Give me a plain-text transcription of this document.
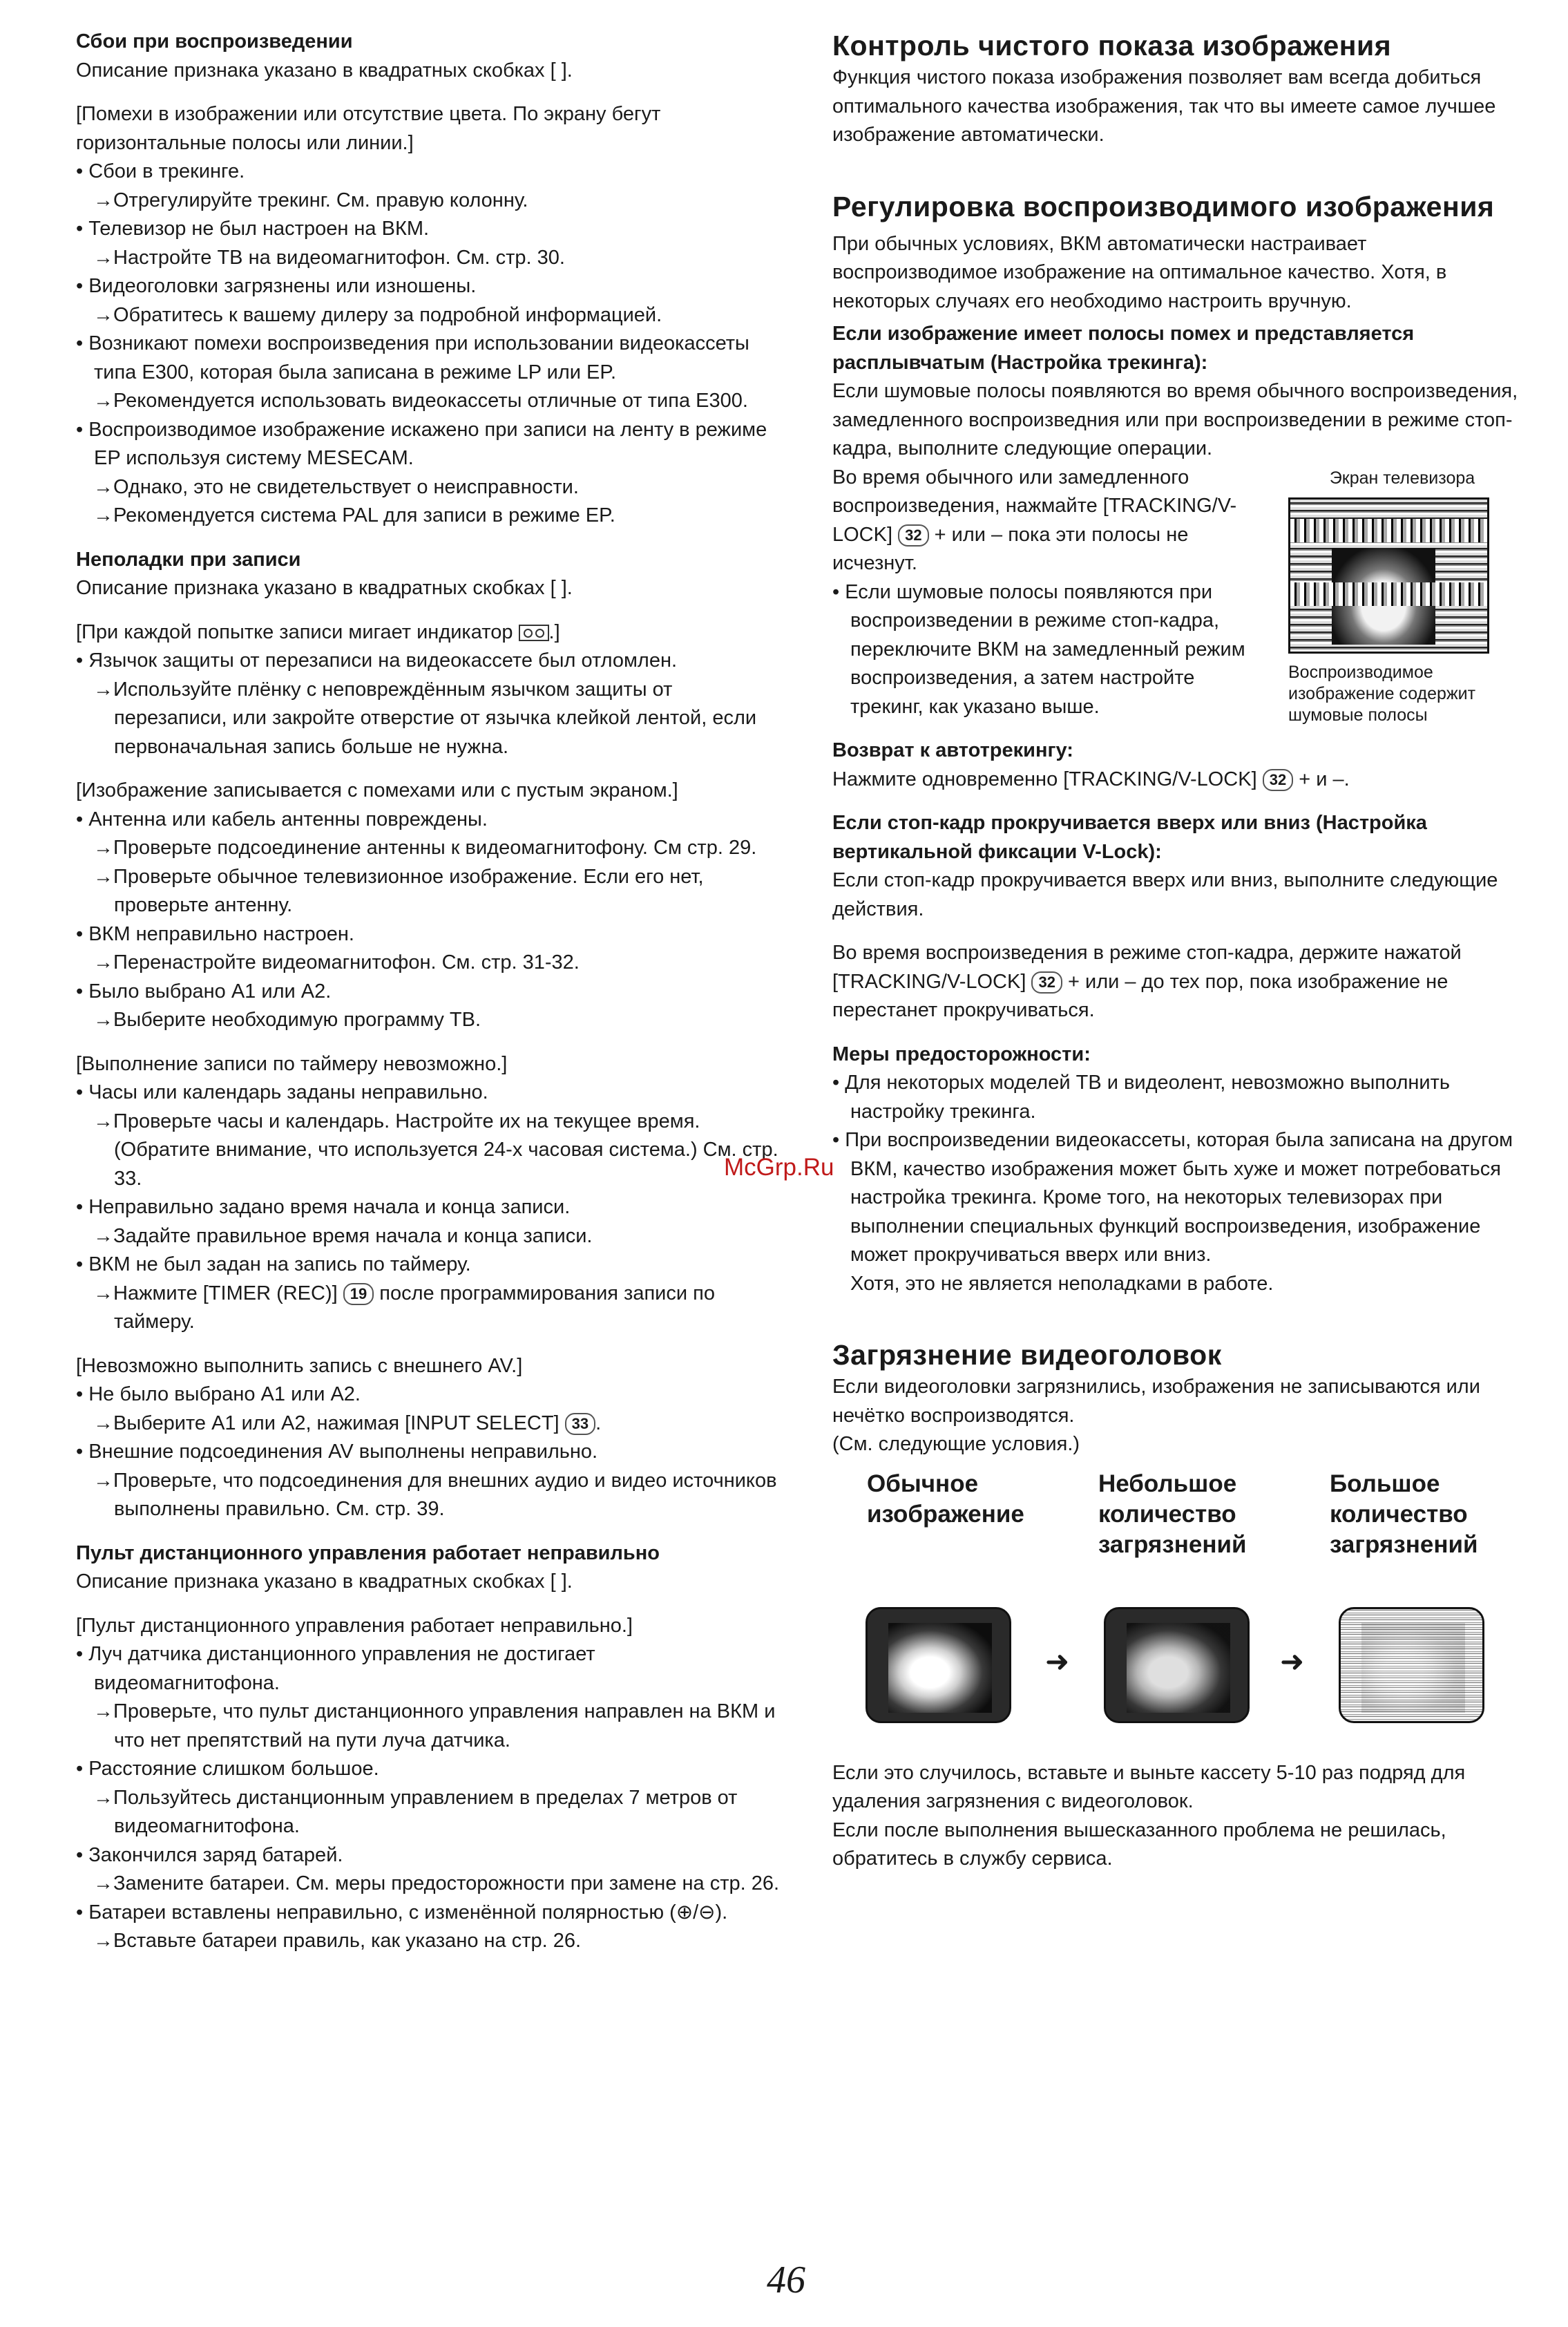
Сбои при воспроизведении

Описание признака указано в квадратных скобках [ ].

[Помехи в изображении или отсутствие цвета. По экрану бегут горизонтальные полосы или линии.]

• Сбои в трекинге.

→Отрегулируйте трекинг. См. правую колонну.

• Телевизор не был настроен на ВКМ.

→Настройте ТВ на видеомагнитофон. См. стр. 30.

• Видеоголовки загрязнены или изношены.

→Обратитесь к вашему дилеру за подробной информацией.

• Возникают помехи воспроизведения при использовании видеокассеты типа E300, которая была записана в режиме LP или EP.

→Рекомендуется использовать видеокассеты отличные от типа E300.

• Воспроизводимое изображение искажено при записи на ленту в режиме EP используя систему MESECAM.

→Однако, это не свидетельствует о неисправности.

→Рекомендуется система PAL для записи в режиме EP.

Неполадки при записи

Описание признака указано в квадратных скобках [ ].

[При каждой попытке записи мигает индикатор .]

• Язычок защиты от перезаписи на видеокассете был отломлен.

→Используйте плёнку с неповреждённым язычком защиты от перезаписи, или закройте отверстие от язычка клейкой лентой, если первоначальная запись больше не нужна.

[Изображение записывается с помехами или с пустым экраном.]

• Антенна или кабель антенны повреждены.

→Проверьте подсоединение антенны к видеомагнитофону. См стр. 29.

→Проверьте обычное телевизионное изображение. Если его нет, проверьте антенну.

• ВКМ неправильно настроен.

→Перенастройте видеомагнитофон. См. стр. 31-32.

• Было выбрано A1 или A2.

→Выберите необходимую программу ТВ.

[Выполнение записи по таймеру невозможно.]

• Часы или календарь заданы неправильно.

→Проверьте часы и календарь. Настройте их на текущее время. (Обратите внимание, что используется 24-х часовая система.) См. стр. 33.

• Неправильно задано время начала и конца записи.

→Задайте правильное время начала и конца записи.

• ВКМ не был задан на запись по таймеру.

→Нажмите [TIMER (REC)] 19 после программирования записи по таймеру.

[Невозможно выполнить запись с внешнего AV.]

• Не было выбрано A1 или A2.

→Выберите A1 или A2, нажимая [INPUT SELECT] 33 .

• Внешние подсоединения AV выполнены неправильно.

→Проверьте, что подсоединения для внешних аудио и видео источников выполнены правильно. См. стр. 39.

Пульт дистанционного управления работает неправильно

Описание признака указано в квадратных скобках [ ].

[Пульт дистанционного управления работает неправильно.]

• Луч датчика дистанционного управления не достигает видеомагнитофона.

→Проверьте, что пульт дистанционного управления направлен на ВКМ и что нет препятствий на пути луча датчика.

• Расстояние слишком большое.

→Пользуйтесь дистанционным управлением в пределах 7 метров от видеомагнитофона.

• Закончился заряд батарей.

→Замените батареи. См. меры предосторожности при замене на стр. 26.

• Батареи вставлены неправильно, с изменённой полярностью (⊕/⊖).

→Вставьте батареи правиль, как указано на стр. 26.

Контроль чистого показа изображения

Функция чистого показа изображения позволяет вам всегда добиться оптимального качества изображения, так что вы имеете самое лучшее изображение автоматически.

Регулировка воспроизводимого изображения

При обычных условиях, ВКМ автоматически настраивает воспроизводимое изображение на оптимальное качество. Хотя, в некоторых случаях его необходимо настроить вручную.

Если изображение имеет полосы помех и представляется расплывчатым (Настройка трекинга):

Если шумовые полосы появляются во время обычного воспроизведения, замедленного воспроизведния или при воспроизведении в режиме стоп-кадра, выполните следующие операции.

Во время обычного или замедленного воспроизведения, нажмайте [TRACKING/V-LOCK] 32 + или – пока эти полосы не исчезнут.

• Если шумовые полосы появляются при воспроизведении в режиме стоп-кадра, переключите ВКМ на замедленный режим воспроизведения, а затем настройте трекинг, как указано выше.

Экран телевизора

Воспроизводимое изображение содержит шумовые полосы

Возврат к автотрекингу:

Нажмите одновременно [TRACKING/V-LOCK] 32 + и –.

Если стоп-кадр прокручивается вверх или вниз (Настройка вертикальной фиксации V-Lock):

Если стоп-кадр прокручивается вверх или вниз, выполните следующие действия.

Во время воспроизведения в режиме стоп-кадра, держите нажатой [TRACKING/V-LOCK] 32 + или – до тех пор, пока изображение не перестанет прокручиваться.

Меры предосторожности:

• Для некоторых моделей ТВ и видеолент, невозможно выполнить настройку трекинга.

• При воспроизведении видеокассеты, которая была записана на другом ВКМ, качество изображения может быть хуже и может потребоваться настройка трекинга. Кроме того, на некоторых телевизорах при выполнении специальных функций воспроизведения, изображение может прокручиваться вверх или вниз.

Хотя, это не является неполадками в работе.

Загрязнение видеоголовок

Если видеоголовки загрязнились, изображения не записываются или нечётко воспроизводятся.

(См. следующие условия.)

Обычное изображение

Небольшое количество загрязнений

Большое количество загрязнений

➜	➜

Если это случилось, вставьте и выньте кассету 5-10 раз подряд для удаления загрязнения с видеоголовок.

Если после выполнения вышесказанного проблема не решилась, обратитесь в службу сервиса.

McGrp.Ru
46
